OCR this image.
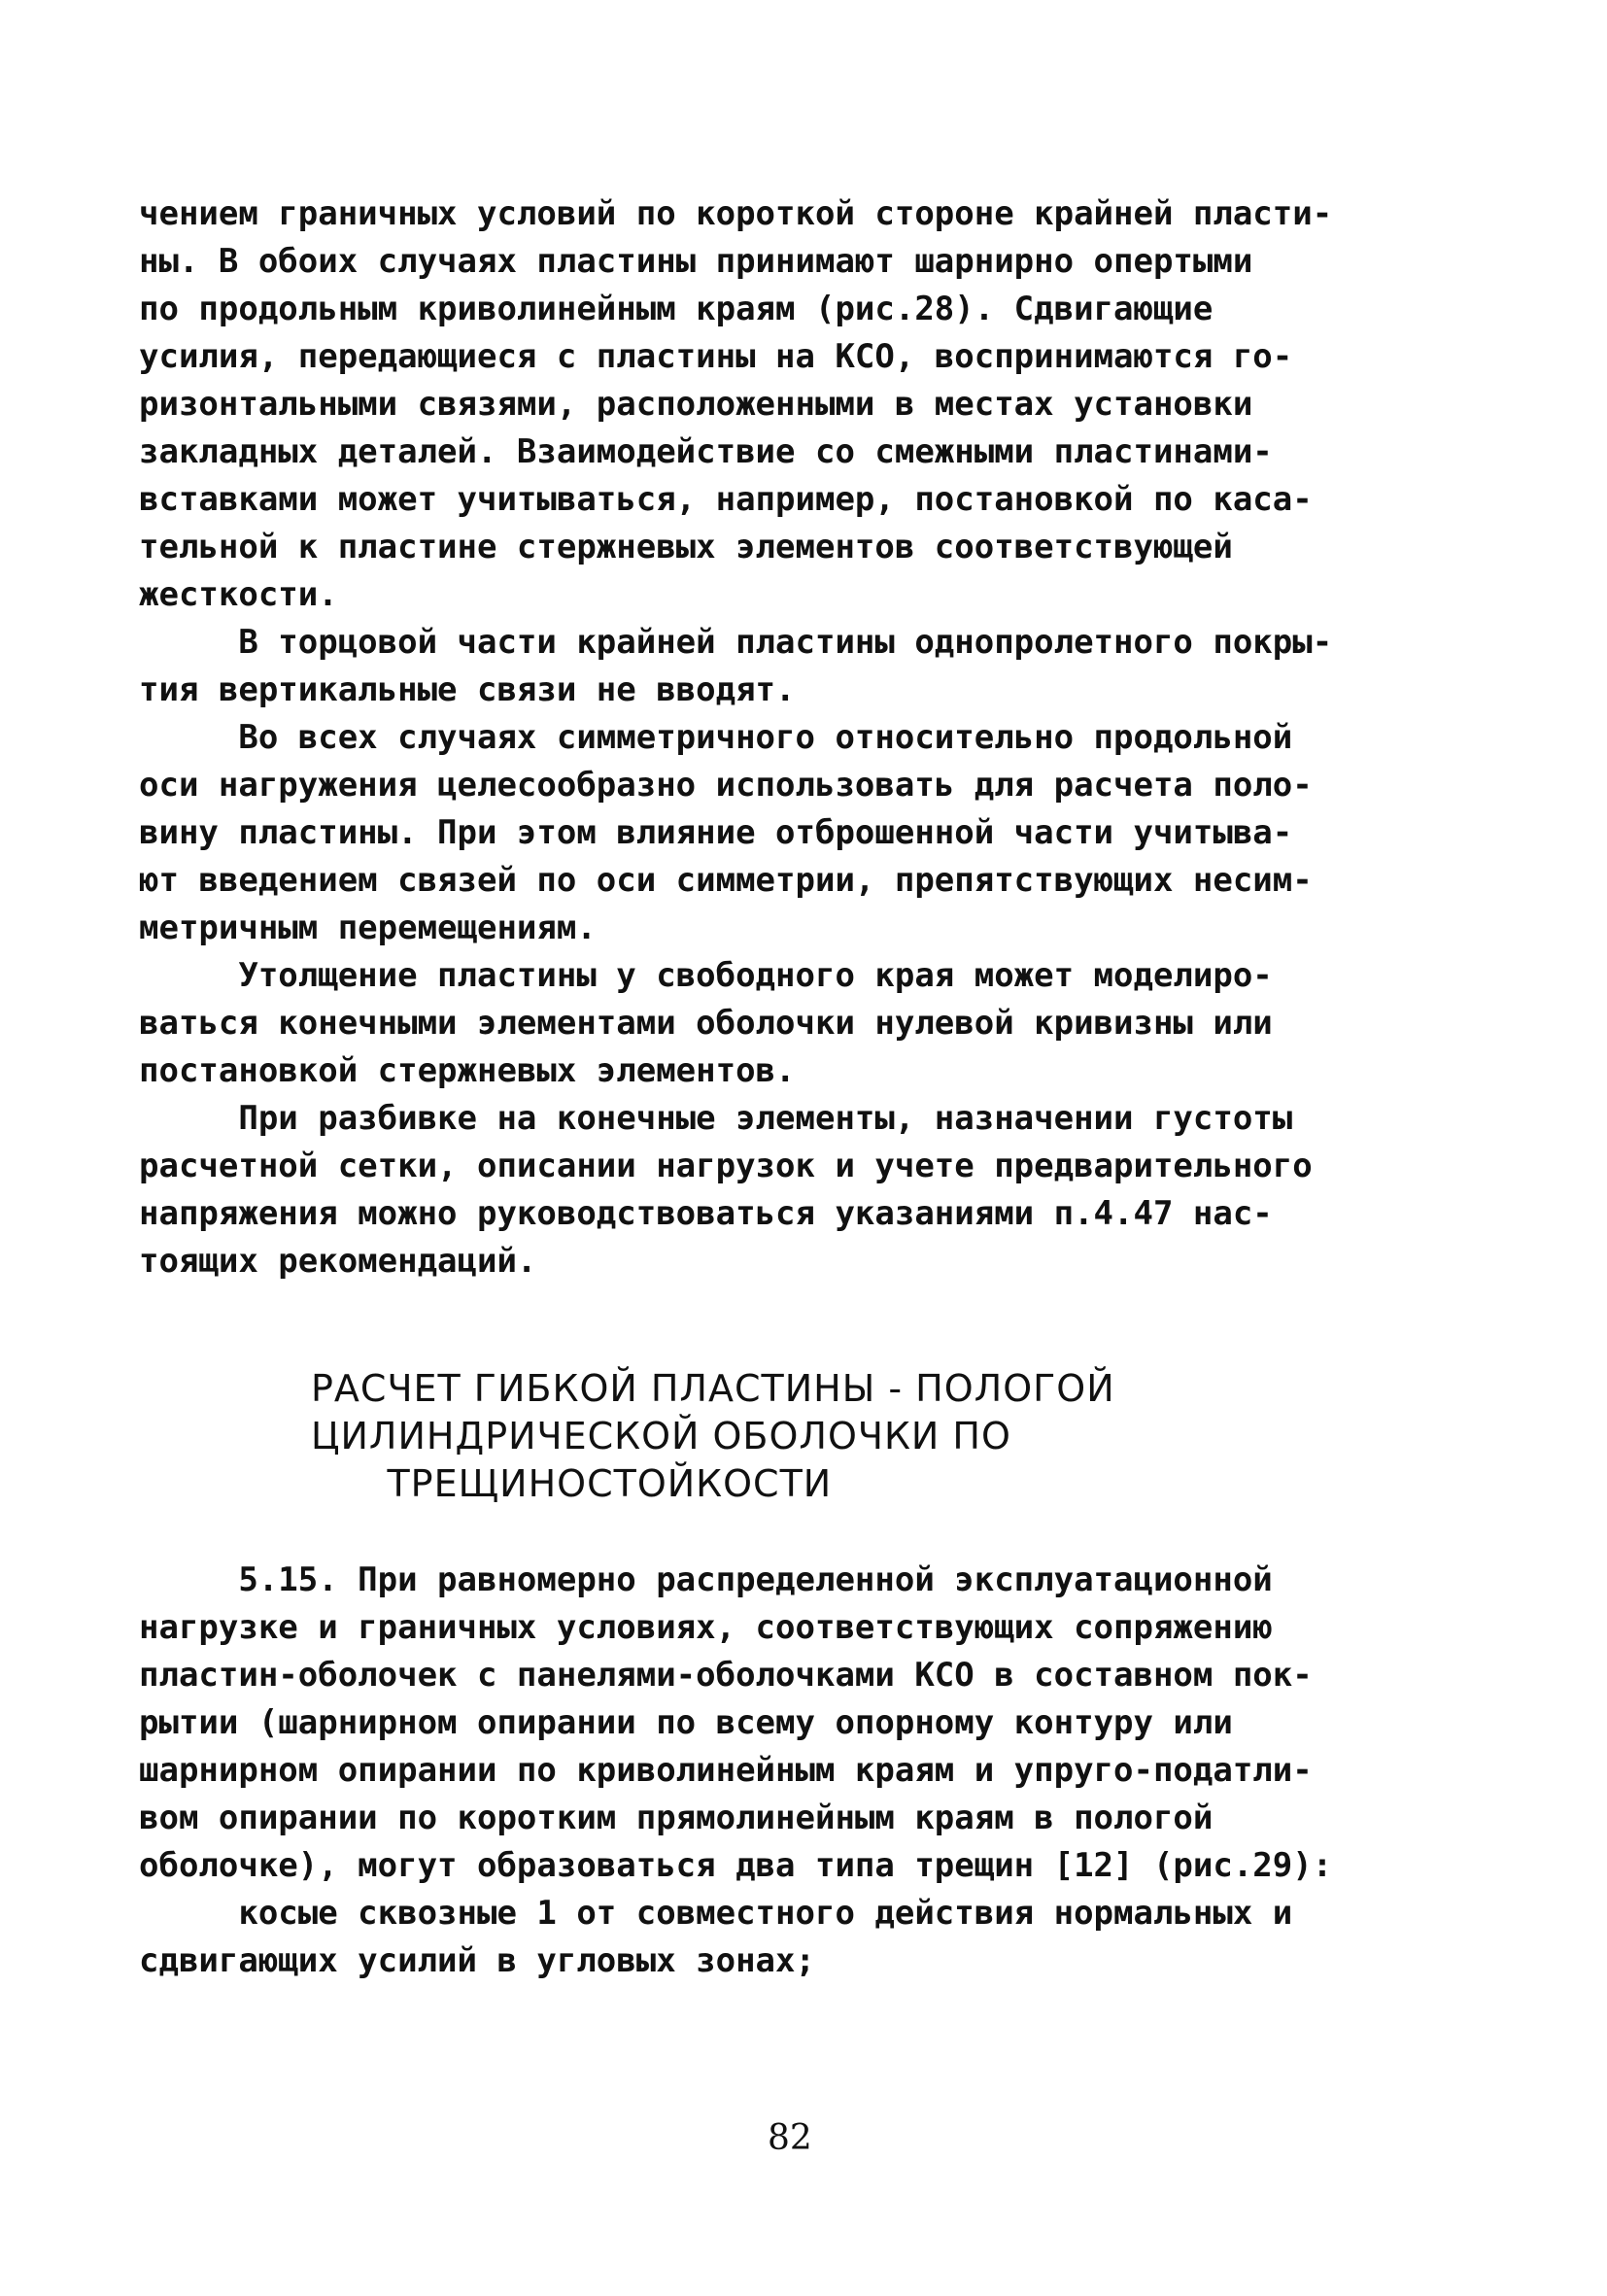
чением граничных условий по короткой стороне крайней пласти-
ны. В обоих случаях пластины принимают шарнирно опертыми
по продольным криволинейным краям (рис.28). Сдвигающие
усилия, передающиеся с пластины на КСО, воспринимаются го-
ризонтальными связями, расположенными в местах установки
закладных деталей. Взаимодействие со смежными пластинами-
вставками может учитываться, например, постановкой по каса-
тельной к пластине стержневых элементов соответствующей
жесткости.
В торцовой части крайней пластины однопролетного покры-
тия вертикальные связи не вводят.
Во всех случаях симметричного относительно продольной
оси нагружения целесообразно использовать для расчета поло-
вину пластины. При этом влияние отброшенной части учитыва-
ют введением связей по оси симметрии, препятствующих несим-
метричным перемещениям.
Утолщение пластины у свободного края может моделиро-
ваться конечными элементами оболочки нулевой кривизны или
постановкой стержневых элементов.
При разбивке на конечные элементы, назначении густоты
расчетной сетки, описании нагрузок и учете предварительного
напряжения можно руководствоваться указаниями п.4.47 нас-
тоящих рекомендаций.
РАСЧЕТ ГИБКОЙ ПЛАСТИНЫ - ПОЛОГОЙ
ЦИЛИНДРИЧЕСКОЙ ОБОЛОЧКИ ПО
ТРЕЩИНОСТОЙКОСТИ
5.15. При равномерно распределенной эксплуатационной
нагрузке и граничных условиях, соответствующих сопряжению
пластин-оболочек с панелями-оболочками КСО в составном пок-
рытии (шарнирном опирании по всему опорному контуру или
шарнирном опирании по криволинейным краям и упруго-податли-
вом опирании по коротким прямолинейным краям в пологой
оболочке), могут образоваться два типа трещин [12] (рис.29):
косые сквозные 1 от совместного действия нормальных и
сдвигающих усилий в угловых зонах;
82
